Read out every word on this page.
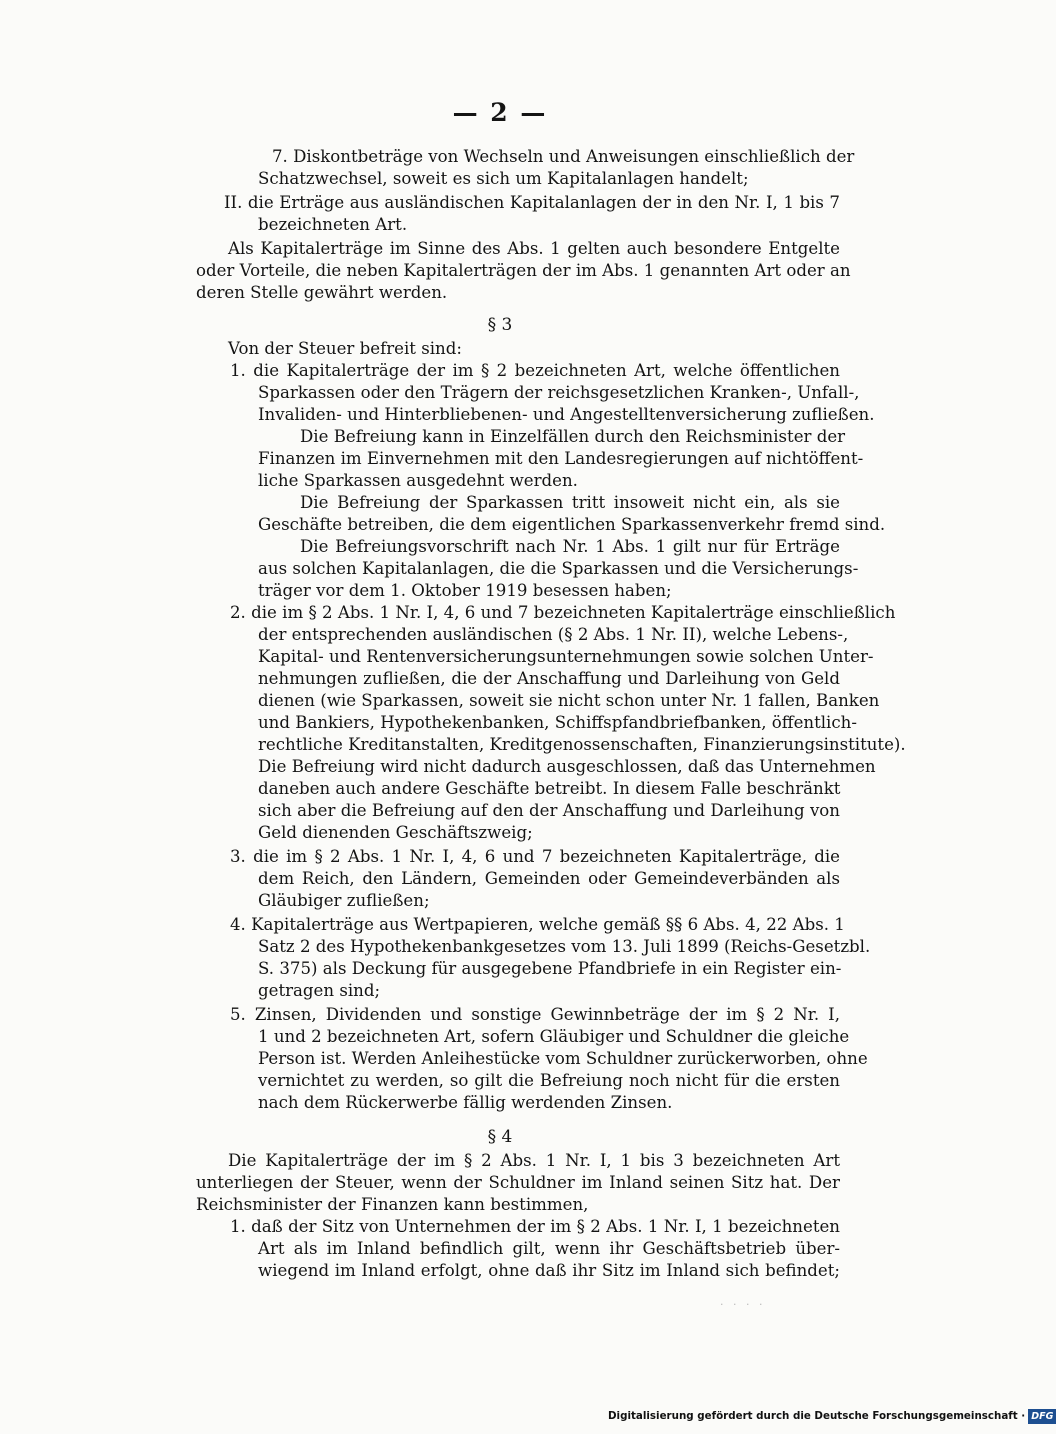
— 2 —
7. Diskontbeträge von Wechseln und Anweisungen einschließlich der
Schatzwechsel, soweit es sich um Kapitalanlagen handelt;
II. die Erträge aus ausländischen Kapitalanlagen der in den Nr. I, 1 bis 7
bezeichneten Art.
Als Kapitalerträge im Sinne des Abs. 1 gelten auch besondere Entgelte
oder Vorteile, die neben Kapitalerträgen der im Abs. 1 genannten Art oder an
deren Stelle gewährt werden.
§ 3
Von der Steuer befreit sind:
1. die Kapitalerträge der im § 2 bezeichneten Art, welche öffentlichen
Sparkassen oder den Trägern der reichsgesetzlichen Kranken-, Unfall-,
Invaliden- und Hinterbliebenen- und Angestelltenversicherung zufließen.
Die Befreiung kann in Einzelfällen durch den Reichsminister der
Finanzen im Einvernehmen mit den Landesregierungen auf nichtöffent-
liche Sparkassen ausgedehnt werden.
Die Befreiung der Sparkassen tritt insoweit nicht ein, als sie
Geschäfte betreiben, die dem eigentlichen Sparkassenverkehr fremd sind.
Die Befreiungsvorschrift nach Nr. 1 Abs. 1 gilt nur für Erträge
aus solchen Kapitalanlagen, die die Sparkassen und die Versicherungs-
träger vor dem 1. Oktober 1919 besessen haben;
2. die im § 2 Abs. 1 Nr. I, 4, 6 und 7 bezeichneten Kapitalerträge einschließlich
der entsprechenden ausländischen (§ 2 Abs. 1 Nr. II), welche Lebens-,
Kapital- und Rentenversicherungsunternehmungen sowie solchen Unter-
nehmungen zufließen, die der Anschaffung und Darleihung von Geld
dienen (wie Sparkassen, soweit sie nicht schon unter Nr. 1 fallen, Banken
und Bankiers, Hypothekenbanken, Schiffspfandbriefbanken, öffentlich-
rechtliche Kreditanstalten, Kreditgenossenschaften, Finanzierungsinstitute).
Die Befreiung wird nicht dadurch ausgeschlossen, daß das Unternehmen
daneben auch andere Geschäfte betreibt. In diesem Falle beschränkt
sich aber die Befreiung auf den der Anschaffung und Darleihung von
Geld dienenden Geschäftszweig;
3. die im § 2 Abs. 1 Nr. I, 4, 6 und 7 bezeichneten Kapitalerträge, die
dem Reich, den Ländern, Gemeinden oder Gemeindeverbänden als
Gläubiger zufließen;
4. Kapitalerträge aus Wertpapieren, welche gemäß §§ 6 Abs. 4, 22 Abs. 1
Satz 2 des Hypothekenbankgesetzes vom 13. Juli 1899 (Reichs-Gesetzbl.
S. 375) als Deckung für ausgegebene Pfandbriefe in ein Register ein-
getragen sind;
5. Zinsen, Dividenden und sonstige Gewinnbeträge der im § 2 Nr. I,
1 und 2 bezeichneten Art, sofern Gläubiger und Schuldner die gleiche
Person ist. Werden Anleihestücke vom Schuldner zurückerworben, ohne
vernichtet zu werden, so gilt die Befreiung noch nicht für die ersten
nach dem Rückerwerbe fällig werdenden Zinsen.
§ 4
Die Kapitalerträge der im § 2 Abs. 1 Nr. I, 1 bis 3 bezeichneten Art
unterliegen der Steuer, wenn der Schuldner im Inland seinen Sitz hat. Der
Reichsminister der Finanzen kann bestimmen,
1. daß der Sitz von Unternehmen der im § 2 Abs. 1 Nr. I, 1 bezeichneten
Art als im Inland befindlich gilt, wenn ihr Geschäftsbetrieb über-
wiegend im Inland erfolgt, ohne daß ihr Sitz im Inland sich befindet;
· · · ·
Digitalisierung gefördert durch die Deutsche Forschungsgemeinschaft · DFG
